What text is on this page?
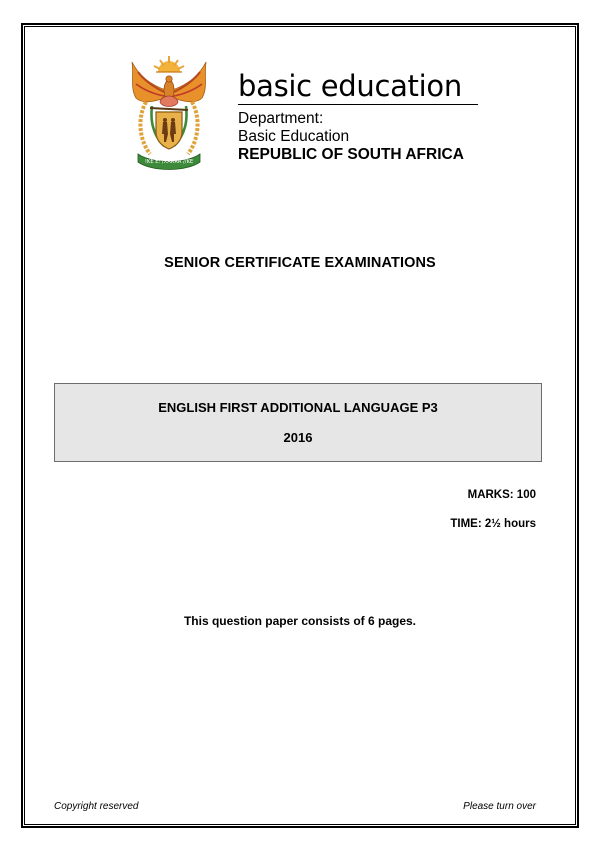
!KE E: /XARRA //KE
basic education
Department:
Basic Education
REPUBLIC OF SOUTH AFRICA
SENIOR CERTIFICATE EXAMINATIONS
ENGLISH FIRST ADDITIONAL LANGUAGE P3
2016
MARKS: 100
TIME: 2½ hours
This question paper consists of 6 pages.
Copyright reserved	Please turn over
